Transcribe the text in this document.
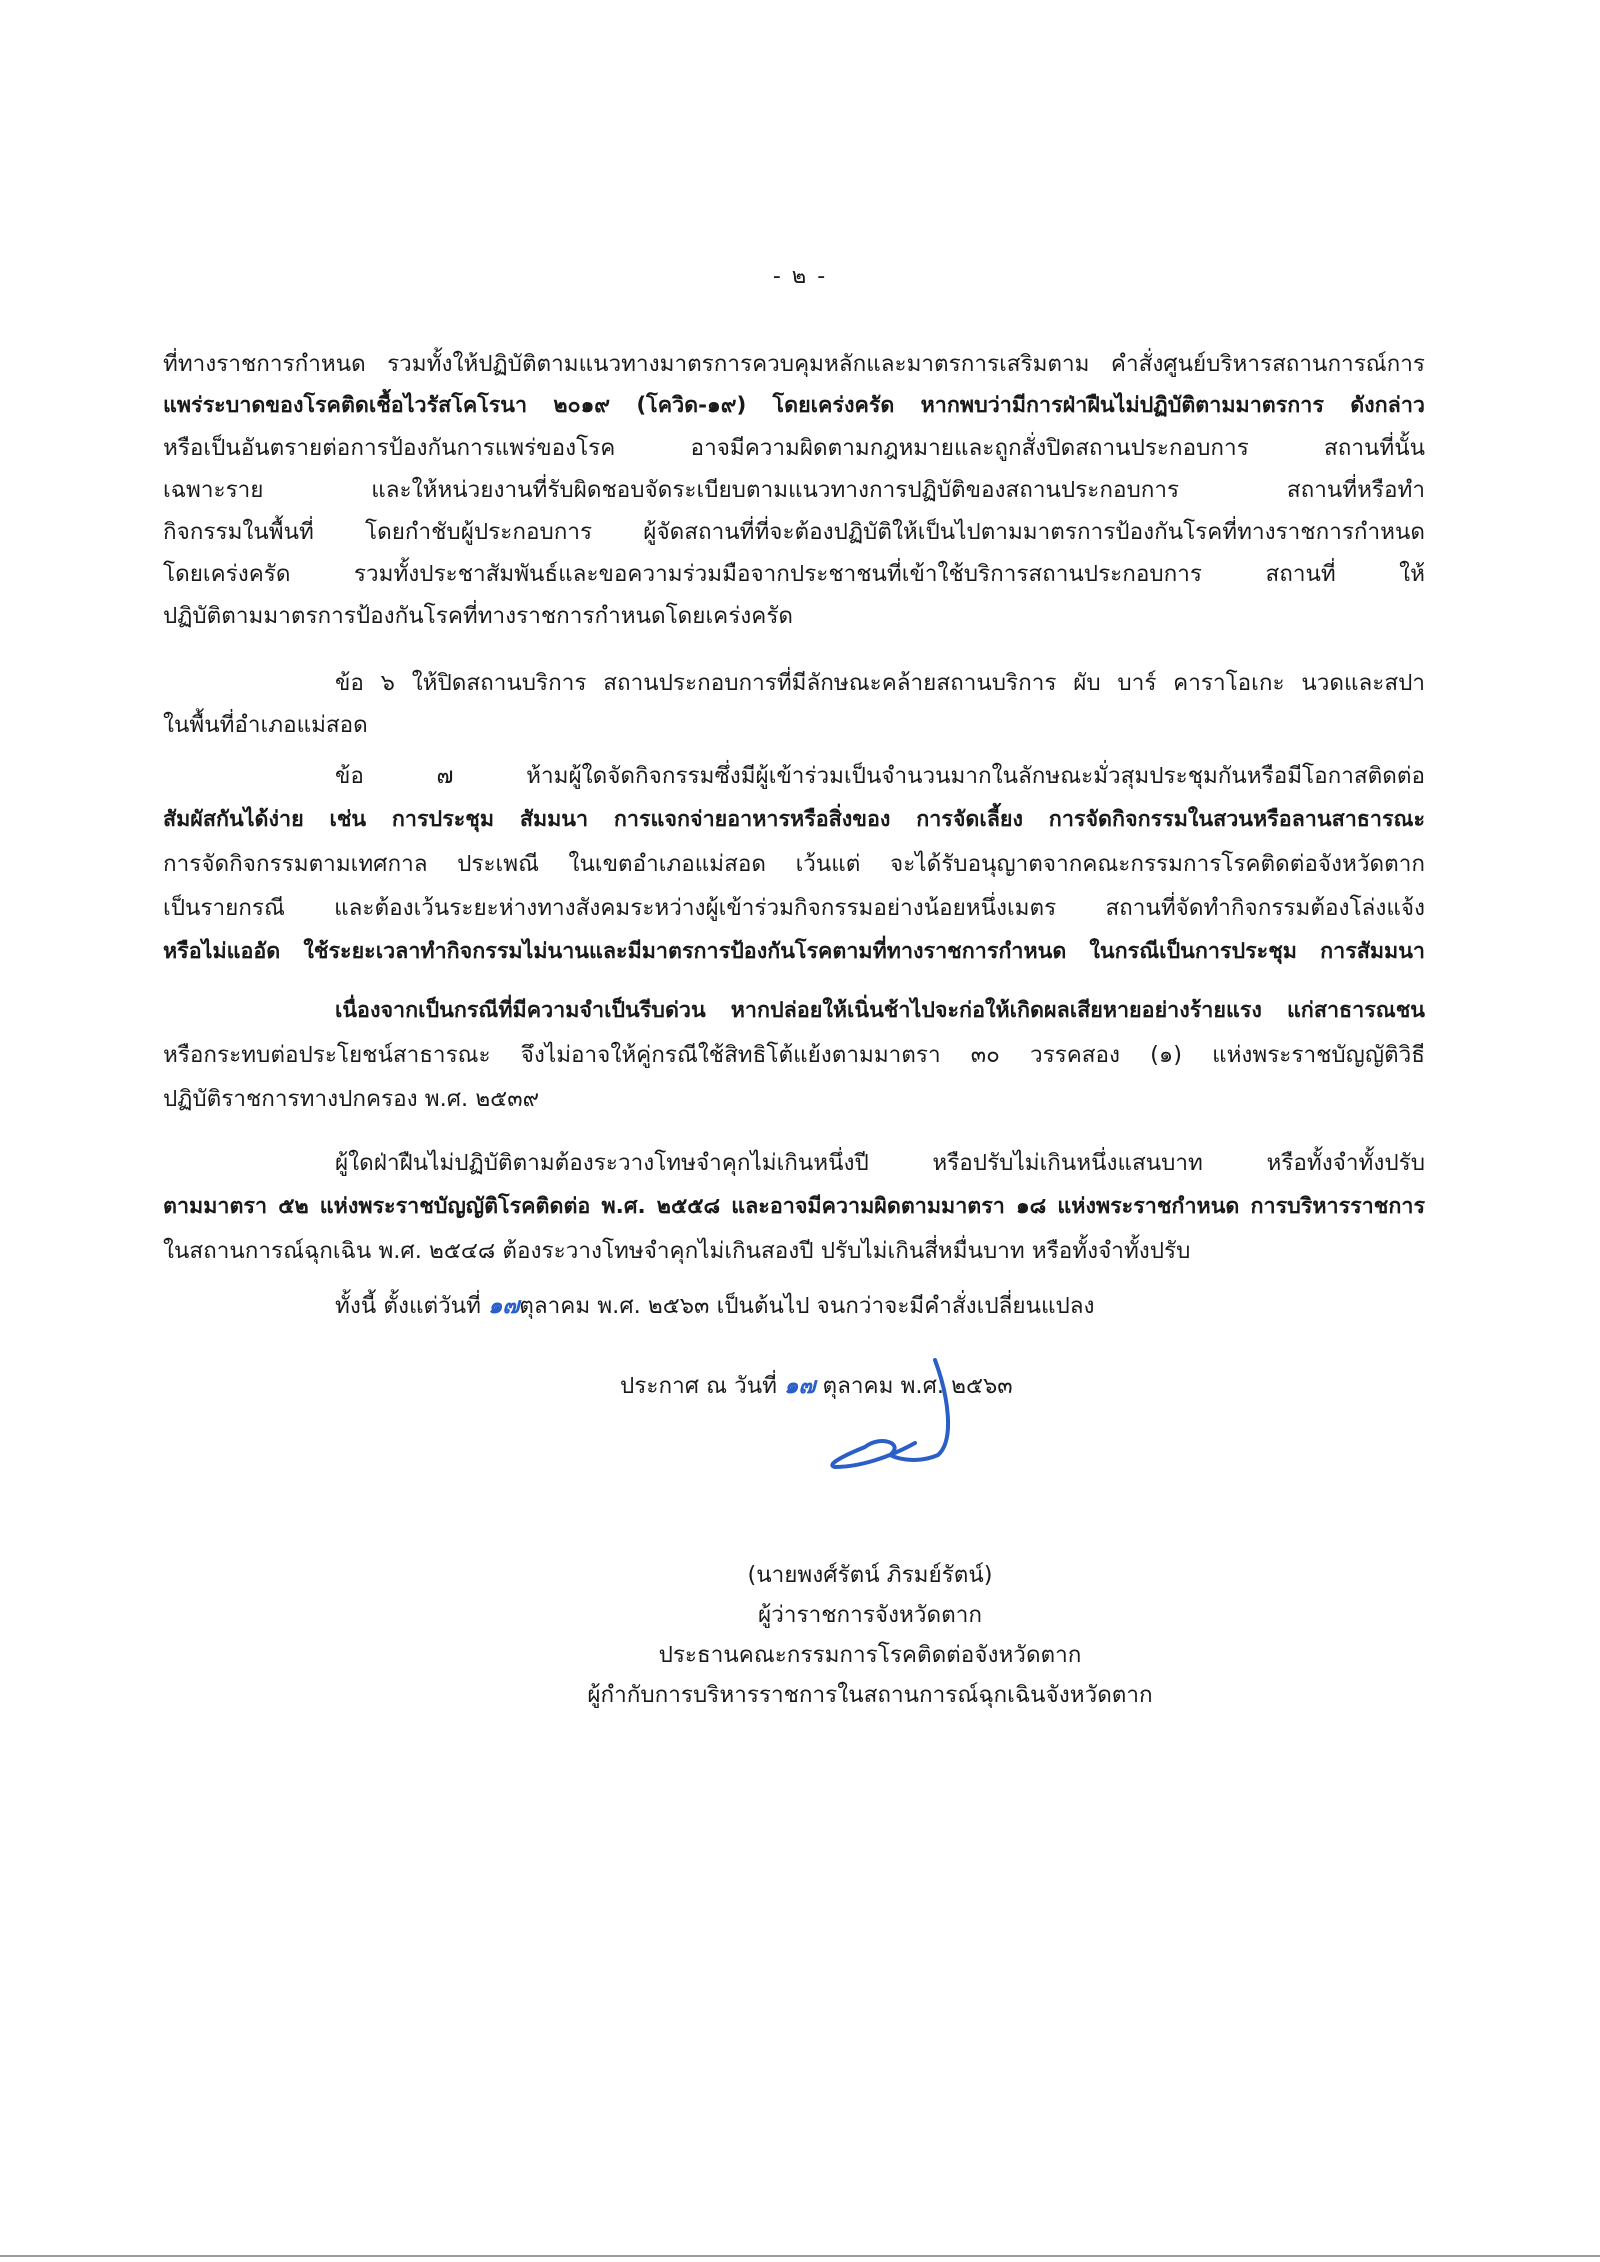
- ๒ -
ที่ทางราชการกำหนด รวมทั้งให้ปฏิบัติตามแนวทางมาตรการควบคุมหลักและมาตรการเสริมตาม คำสั่งศูนย์บริหารสถานการณ์การ
แพร่ระบาดของโรคติดเชื้อไวรัสโคโรนา ๒๐๑๙ (โควิด-๑๙) โดยเคร่งครัด หากพบว่ามีการฝ่าฝืนไม่ปฏิบัติตามมาตรการ ดังกล่าว
หรือเป็นอันตรายต่อการป้องกันการแพร่ของโรค อาจมีความผิดตามกฎหมายและถูกสั่งปิดสถานประกอบการ สถานที่นั้น
เฉพาะราย และให้หน่วยงานที่รับผิดชอบจัดระเบียบตามแนวทางการปฏิบัติของสถานประกอบการ สถานที่หรือทำ
กิจกรรมในพื้นที่ โดยกำชับผู้ประกอบการ ผู้จัดสถานที่ที่จะต้องปฏิบัติให้เป็นไปตามมาตรการป้องกันโรคที่ทางราชการกำหนด
โดยเคร่งครัด รวมทั้งประชาสัมพันธ์และขอความร่วมมือจากประชาชนที่เข้าใช้บริการสถานประกอบการ สถานที่ ให้
ปฏิบัติตามมาตรการป้องกันโรคที่ทางราชการกำหนดโดยเคร่งครัด
ข้อ ๖ ให้ปิดสถานบริการ สถานประกอบการที่มีลักษณะคล้ายสถานบริการ ผับ บาร์ คาราโอเกะ นวดและสปา
ในพื้นที่อำเภอแม่สอด
ข้อ ๗ ห้ามผู้ใดจัดกิจกรรมซึ่งมีผู้เข้าร่วมเป็นจำนวนมากในลักษณะมั่วสุมประชุมกันหรือมีโอกาสติดต่อ
สัมผัสกันได้ง่าย เช่น การประชุม สัมมนา การแจกจ่ายอาหารหรือสิ่งของ การจัดเลี้ยง การจัดกิจกรรมในสวนหรือลานสาธารณะ
การจัดกิจกรรมตามเทศกาล ประเพณี ในเขตอำเภอแม่สอด เว้นแต่ จะได้รับอนุญาตจากคณะกรรมการโรคติดต่อจังหวัดตาก
เป็นรายกรณี และต้องเว้นระยะห่างทางสังคมระหว่างผู้เข้าร่วมกิจกรรมอย่างน้อยหนึ่งเมตร สถานที่จัดทำกิจกรรมต้องโล่งแจ้ง
หรือไม่แออัด ใช้ระยะเวลาทำกิจกรรมไม่นานและมีมาตรการป้องกันโรคตามที่ทางราชการกำหนด ในกรณีเป็นการประชุม การสัมมนา
เนื่องจากเป็นกรณีที่มีความจำเป็นรีบด่วน หากปล่อยให้เนิ่นช้าไปจะก่อให้เกิดผลเสียหายอย่างร้ายแรง แก่สาธารณชน
หรือกระทบต่อประโยชน์สาธารณะ จึงไม่อาจให้คู่กรณีใช้สิทธิโต้แย้งตามมาตรา ๓๐ วรรคสอง (๑) แห่งพระราชบัญญัติวิธี
ปฏิบัติราชการทางปกครอง พ.ศ. ๒๕๓๙
ผู้ใดฝ่าฝืนไม่ปฏิบัติตามต้องระวางโทษจำคุกไม่เกินหนึ่งปี หรือปรับไม่เกินหนึ่งแสนบาท หรือทั้งจำทั้งปรับ
ตามมาตรา ๕๒ แห่งพระราชบัญญัติโรคติดต่อ พ.ศ. ๒๕๕๘ และอาจมีความผิดตามมาตรา ๑๘ แห่งพระราชกำหนด การบริหารราชการ
ในสถานการณ์ฉุกเฉิน พ.ศ. ๒๕๔๘ ต้องระวางโทษจำคุกไม่เกินสองปี ปรับไม่เกินสี่หมื่นบาท หรือทั้งจำทั้งปรับ
ทั้งนี้ ตั้งแต่วันที่ ๑๗ตุลาคม พ.ศ. ๒๕๖๓ เป็นต้นไป จนกว่าจะมีคำสั่งเปลี่ยนแปลง
ประกาศ ณ วันที่ ๑๗ ตุลาคม พ.ศ. ๒๕๖๓
(นายพงศ์รัตน์ ภิรมย์รัตน์)
ผู้ว่าราชการจังหวัดตาก
ประธานคณะกรรมการโรคติดต่อจังหวัดตาก
ผู้กำกับการบริหารราชการในสถานการณ์ฉุกเฉินจังหวัดตาก
